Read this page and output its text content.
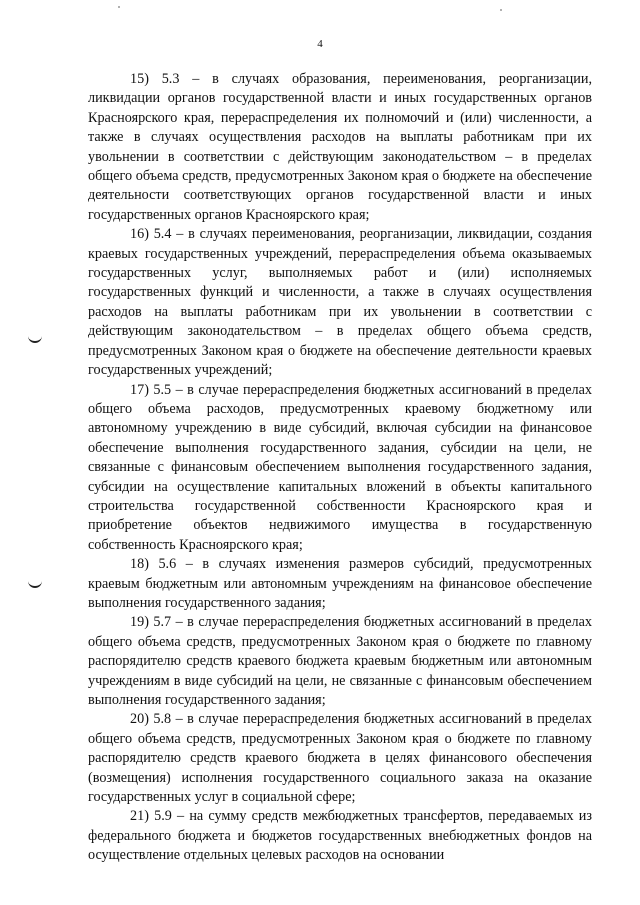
4

15) 5.3 – в случаях образования, переименования, реорганизации, ликвидации органов государственной власти и иных государственных органов Красноярского края, перераспределения их полномочий и (или) численности, а также в случаях осуществления расходов на выплаты работникам при их увольнении в соответствии с действующим законодательством – в пределах общего объема средств, предусмотренных Законом края о бюджете на обеспечение деятельности соответствующих органов государственной власти и иных государственных органов Красноярского края;

16) 5.4 – в случаях переименования, реорганизации, ликвидации, создания краевых государственных учреждений, перераспределения объема оказываемых государственных услуг, выполняемых работ и (или) исполняемых государственных функций и численности, а также в случаях осуществления расходов на выплаты работникам при их увольнении в соответствии с действующим законодательством – в пределах общего объема средств, предусмотренных Законом края о бюджете на обеспечение деятельности краевых государственных учреждений;

17) 5.5 – в случае перераспределения бюджетных ассигнований в пределах общего объема расходов, предусмотренных краевому бюджетному или автономному учреждению в виде субсидий, включая субсидии на финансовое обеспечение выполнения государственного задания, субсидии на цели, не связанные с финансовым обеспечением выполнения государственного задания, субсидии на осуществление капитальных вложений в объекты капитального строительства государственной собственности Красноярского края и приобретение объектов недвижимого имущества в государственную собственность Красноярского края;

18) 5.6 – в случаях изменения размеров субсидий, предусмотренных краевым бюджетным или автономным учреждениям на финансовое обеспечение выполнения государственного задания;

19) 5.7 – в случае перераспределения бюджетных ассигнований в пределах общего объема средств, предусмотренных Законом края о бюджете по главному распорядителю средств краевого бюджета краевым бюджетным или автономным учреждениям в виде субсидий на цели, не связанные с финансовым обеспечением выполнения государственного задания;

20) 5.8 – в случае перераспределения бюджетных ассигнований в пределах общего объема средств, предусмотренных Законом края о бюджете по главному распорядителю средств краевого бюджета в целях финансового обеспечения (возмещения) исполнения государственного социального заказа на оказание государственных услуг в социальной сфере;

21) 5.9 – на сумму средств межбюджетных трансфертов, передаваемых из федерального бюджета и бюджетов государственных внебюджетных фондов на осуществление отдельных целевых расходов на основании
